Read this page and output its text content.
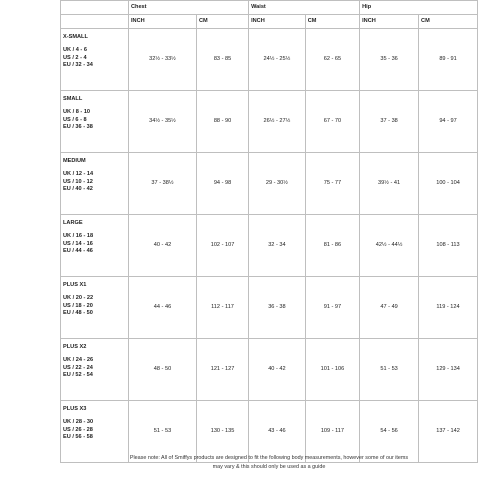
	Chest		Waist		Hip	
	INCH	CM	INCH	CM	INCH	CM

X-SMALL
UK / 4 - 6
US / 2 - 4
EU / 32 - 34	32½ - 33½	83 - 85	24½ - 25½	62 - 65	35 - 36	89 - 91

SMALL
UK / 8 - 10
US / 6 - 8
EU / 36 - 38	34½ - 35½	88 - 90	26½ - 27½	67 - 70	37 - 38	94 - 97

MEDIUM
UK / 12 - 14
US / 10 - 12
EU / 40 - 42	37 - 38½	94 - 98	29 - 30½	75 - 77	39½ - 41	100 - 104

LARGE
UK / 16 - 18
US / 14 - 16
EU / 44 - 46	40 - 42	102 - 107	32 - 34	81 - 86	42½ - 44½	108 - 113

PLUS X1
UK / 20 - 22
US / 18 - 20
EU / 48 - 50	44 - 46	112 - 117	36 - 38	91 - 97	47 - 49	119 - 124

PLUS X2
UK / 24 - 26
US / 22 - 24
EU / 52 - 54	48 - 50	121 - 127	40 - 42	101 - 106	51 - 53	129 - 134

PLUS X3
UK / 28 - 30
US / 26 - 28
EU / 56 - 58	51 - 53	130 - 135	43 - 46	109 - 117	54 - 56	137 - 142
Please note: All of Smiffys products are designed to fit the following body measurements, however some of our items
may vary & this should only be used as a guide
